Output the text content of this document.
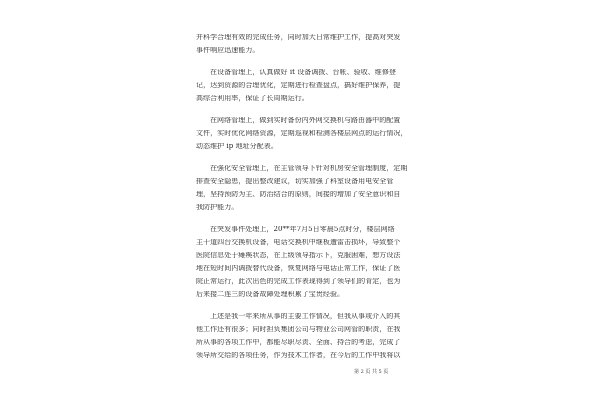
并科学合理有效的完成任务，同时加大日常维护工作，提高对突发
事件响应迅速能力。
在设备管理上，认真做好 it 设备调拨、台帐、验收、维修登
记，达到资源的合理优化，定期进行检查盘点，搞好维护保养，提
高综合利用率，保证了长周期运行。
在网络管理上，做到实时备份内外网交换机与路由器中的配置
文件，实时优化网络资源，定期巡视和检测各楼层网点的运行情况，
动态维护 ip 地址分配表。
在强化安全管理上，在主管领导下针对机房安全管理制度，定期
排查安全隐患，提出整改建议，切实加强了科室设备用电安全管
理，坚持预防为主、防治结合的原则，间接的增加了安全意识和自
我防护能力。
在突发事件处理上，20**年7月5日零晨5点时分，楼层网络
主干道四台交换机设备，电话交换机中继板遭雷击损坏，导致整个
医院信息处于瘫痪状态，在上级领导指示下，克服困难，想方设法
地在短时间内调拨替代设备，恢复网络与电话正常工作，保证了医
院正常运行，此次出色的完成工作表现得到了领导们的肯定，也为
后来接二连三的设备故障处理积累了宝贵经验。
上述是我一年来所从事的主要工作情况，但我从事或介入的其
他工作还有很多；同时担负集团公司与物业公司网管的职责，在我
所从事的各项工作中，都能尽职尽责、全面、持合的考虑，完成了
领导所交给的各项任务，作为技术工作者，在今后的工作中我将以
第 2 页 共 5 页
